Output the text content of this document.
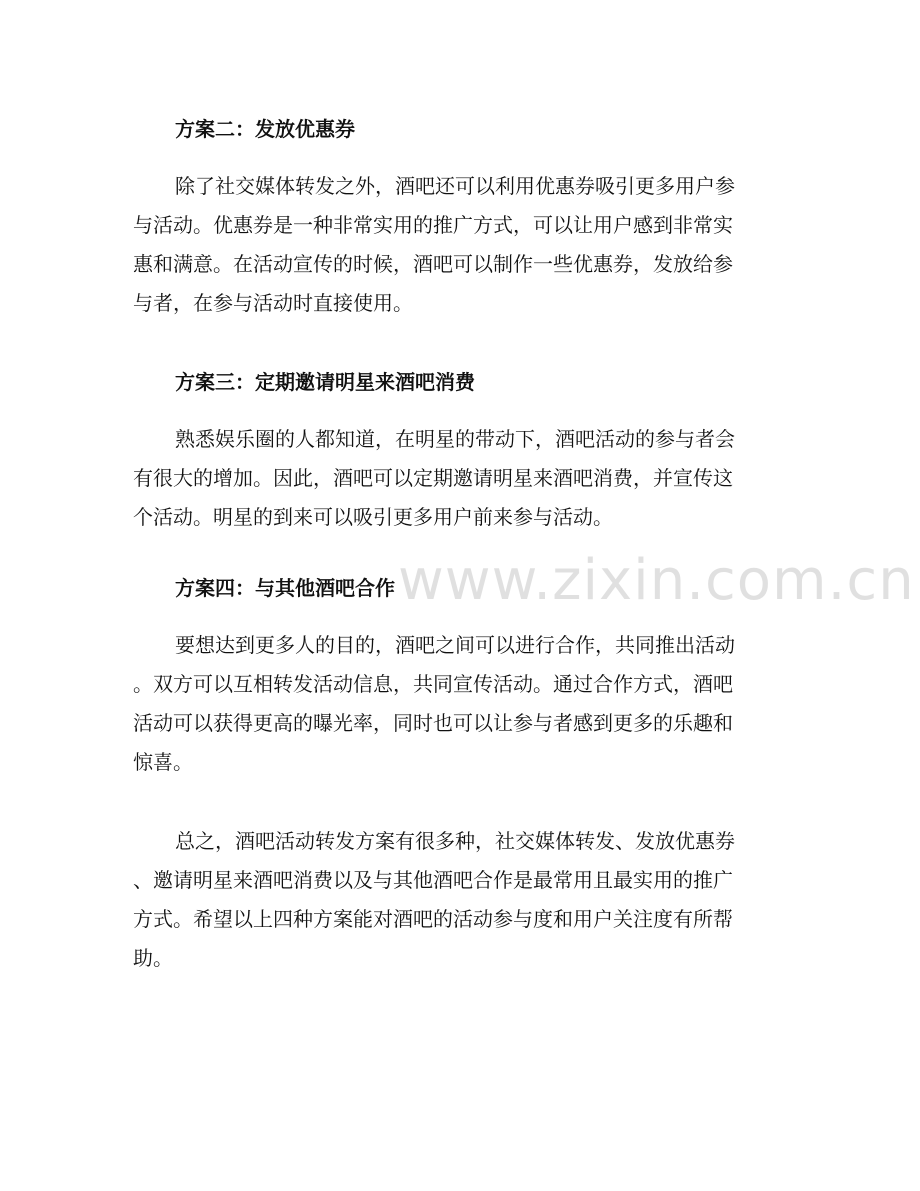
www.zixin.com.cn
方案二：发放优惠券
除了社交媒体转发之外，酒吧还可以利用优惠券吸引更多用户参
与活动。优惠券是一种非常实用的推广方式，可以让用户感到非常实
惠和满意。在活动宣传的时候，酒吧可以制作一些优惠券，发放给参
与者，在参与活动时直接使用。
方案三：定期邀请明星来酒吧消费
熟悉娱乐圈的人都知道，在明星的带动下，酒吧活动的参与者会
有很大的增加。因此，酒吧可以定期邀请明星来酒吧消费，并宣传这
个活动。明星的到来可以吸引更多用户前来参与活动。
方案四：与其他酒吧合作
要想达到更多人的目的，酒吧之间可以进行合作，共同推出活动
。双方可以互相转发活动信息，共同宣传活动。通过合作方式，酒吧
活动可以获得更高的曝光率，同时也可以让参与者感到更多的乐趣和
惊喜。
总之，酒吧活动转发方案有很多种，社交媒体转发、发放优惠券
、邀请明星来酒吧消费以及与其他酒吧合作是最常用且最实用的推广
方式。希望以上四种方案能对酒吧的活动参与度和用户关注度有所帮
助。
